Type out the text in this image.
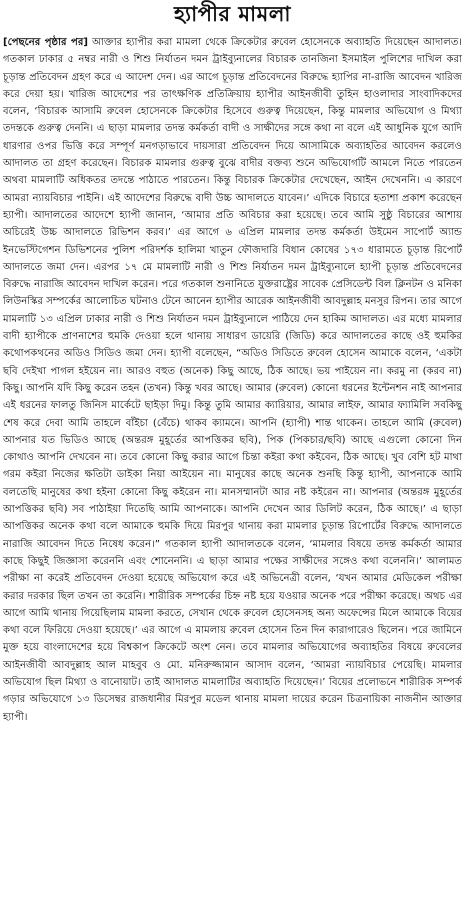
হ্যাপীর মামলা

[পেছনের পৃষ্ঠার পর] আক্তার হ্যাপীর করা মামলা থেকে ক্রিকেটার রুবেল হোসেনকে অব্যাহতি দিয়েছেন আদালত। গতকাল ঢাকার ৫ নম্বর নারী ও শিশু নির্যাতন দমন ট্রাইব্যুনালের বিচারক তানজিনা ইসমাইল পুলিশের দাখিল করা চূড়ান্ত প্রতিবেদন গ্রহণ করে এ আদেশ দেন। এর আগে চূড়ান্ত প্রতিবেদনের বিরুদ্ধে হ্যাপির না-রাজি আবেদন খারিজ করে দেয়া হয়। খারিজ আদেশের পর তাৎক্ষণিক প্রতিক্রিয়ায় হ্যাপীর আইনজীবী তুহিন হাওলাদার সাংবাদিকদের বলেন, ‘বিচারক আসামি রুবেল হোসেনকে ক্রিকেটার হিসেবে গুরুত্ব দিয়েছেন, কিন্তু মামলার অভিযোগ ও মিথ্যা তদন্তকে গুরুত্ব দেননি। এ ছাড়া মামলার তদন্ত কর্মকর্তা বাদী ও সাক্ষীদের সঙ্গে কথা না বলে এই আধুনিক যুগে আদি ধারণার ওপর ভিত্তি করে সম্পূর্ণ মনগড়াভাবে দায়সারা প্রতিবেদন দিয়ে আসামিকে অব্যাহতির আবেদন করলেও আদালত তা গ্রহণ করেছেন। বিচারক মামলার গুরুত্ব বুঝে বাদীর বক্তব্য শুনে অভিযোগটি আমলে নিতে পারতেন অথবা মামলাটি অধিকতর তদন্তে পাঠাতে পারতেন। কিন্তু বিচারক ক্রিকেটার দেখেছেন, আইন দেখেননি। এ কারণে আমরা ন্যায়বিচার পাইনি। এই আদেশের বিরুদ্ধে বাদী উচ্চ আদালতে যাবেন।’ এদিকে বিচারে হতাশা প্রকাশ করেছেন হ্যাপী। আদালতের আদেশে হ্যাপী জানান, ‘আমার প্রতি অবিচার করা হয়েছে। তবে আমি সুষ্ঠু বিচারের আশায় অচিরেই উচ্চ আদালতে রিভিশন করব।’ এর আগে ৬ এপ্রিল মামলার তদন্ত কর্মকর্তা উইমেন সাপোর্ট অ্যান্ড ইনভেস্টিগেশন ডিভিশনের পুলিশ পরিদর্শক হালিমা খাতুন ফৌজদারি বিধান কোষের ১৭৩ ধারামতে চূড়ান্ত রিপোর্ট আদালতে জমা দেন। এরপর ১৭ মে মামলাটি নারী ও শিশু নির্যাতন দমন ট্রাইব্যুনালে হ্যাপী চূড়ান্ত প্রতিবেদনের বিরুদ্ধে নারাজি আবেদন দাখিল করেন। পরে গতকাল শুনানিতে যুক্তরাষ্ট্রের সাবেক প্রেসিডেন্ট বিল ক্লিনটন ও মনিকা লিউনস্কির সম্পর্কের আলোচিত ঘটনাও টেনে আনেন হ্যাপীর আরেক আইনজীবী আবদুল্লাহ মনসুর রিপন। তার আগে মামলাটি ১৩ এপ্রিল ঢাকার নারী ও শিশু নির্যাতন দমন ট্রাইব্যুনালে পাঠিয়ে দেন হাকিম আদালত। এর মধ্যে মামলার বাদী হ্যাপীকে প্রাণনাশের হুমকি দেওয়া হলে থানায় সাধারণ ডায়েরি (জিডি) করে আদালতের কাছে ওই হুমকির কথোপকথনের অডিও সিডিও জমা দেন। হ্যাপী বলেছেন, “অডিও সিডিতে রুবেল হোসেন আমাকে বলেন, ‘একটা ছবি দেইখা পাগল হইয়েন না। আরও বহুত (অনেক) কিছু আছে, ঠিক আছে। ভয় পাইয়েন না। করমু না (করব না) কিছু। আপনি যদি কিছু করেন তহন (তখন) কিন্তু খবর আছে। আমার (রুবেল) কোনো ধরনের ইন্টেনশন নাই আপনার এই ধরনের ফালতু জিনিস মার্কেটে ছাইড়া দিমু। কিন্তু তুমি আমার ক্যারিয়ার, আমার লাইফ, আমার ফ্যামিলি সবকিছু শেষ করে দেবা আমি তাহলে বাঁইচা (বেঁচে) থাকব ক্যামনে। আপনি (হ্যাপী) শান্ত থাকেন। তাহলে আমি (রুবেল) আপনার যত ভিডিও আছে (অন্তরঙ্গ মুহূর্তের আপত্তিকর ছবি), পিক (পিকচার/ছবি) আছে এগুলো কোনো দিন কোথাও আপনি দেখবেন না। তবে কোনো কিছু করার আগে চিন্তা কইরা কথা কইবেন, ঠিক আছে। খুব বেশি হট মাথা গরম কইরা নিজের ক্ষতিটা ডাইকা নিয়া আইয়েন না। মানুষের কাছে অনেক শুনছি কিন্তু হ্যাপী, আপনাকে আমি বলতেছি মানুষের কথা হইনা কোনো কিছু কইরেন না। মানসম্মানটা আর নষ্ট কইরেন না। আপনার (অন্তরঙ্গ মুহূর্তের আপত্তিকর ছবি) সব পাঠাইয়া দিতেছি আমি আপনাকে। আপনি দেখেন আর ডিলিট করেন, ঠিক আছে।’ এ ছাড়া আপত্তিকর অনেক কথা বলে আমাকে হুমকি দিয়ে মিরপুর থানায় করা মামলার চূড়ান্ত রিপোর্টের বিরুদ্ধে আদালতে নারাজি আবেদন দিতে নিষেধ করেন।” গতকাল হ্যাপী আদালতকে বলেন, ‘মামলার বিষয়ে তদন্ত কর্মকর্তা আমার কাছে কিছুই জিজ্ঞাসা করেননি এবং শোনেননি। এ ছাড়া আমার পক্ষের সাক্ষীদের সঙ্গেও কথা বলেননি।’ আলামত পরীক্ষা না করেই প্রতিবেদন দেওয়া হয়েছে অভিযোগ করে এই অভিনেত্রী বলেন, ‘যখন আমার মেডিকেল পরীক্ষা করার দরকার ছিল তখন তা করেনি। শারীরিক সম্পর্কের চিহ্ন নষ্ট হয়ে যওয়ার অনেক পরে পরীক্ষা করেছে। অথচ এর আগে আমি থানায় গিয়েছিলাম মামলা করতে, সেখান থেকে রুবেল হোসেনসহ অন্য অফেন্সের মিলে আমাকে বিয়ের কথা বলে ফিরিয়ে দেওয়া হয়েছে।’ এর আগে এ মামলায় রুবেল হোসেন তিন দিন কারাগারেও ছিলেন। পরে জামিনে মুক্ত হয়ে বাংলাদেশের হয়ে বিশ্বকাপ ক্রিকেটে অংশ নেন। তবে মামলার অভিযোগের অব্যাহতির বিষয়ে রুবেলের আইনজীবী আবদুল্লাহ আল মাহবুব ও মো. মনিরুজ্জামান আসাদ বলেন, ‘আমরা ন্যায়বিচার পেয়েছি। মামলার অভিযোগ ছিল মিথ্যা ও বানোয়াট। তাই আদালত মামলাটির অব্যাহতি দিয়েছেন।’ বিয়ের প্রলোভনে শারীরিক সম্পর্ক গড়ার অভিযোগে ১৩ ডিসেম্বর রাজধানীর মিরপুর মডেল থানায় মামলা দায়ের করেন চিত্রনায়িকা নাজনীন আক্তার হ্যাপী।
